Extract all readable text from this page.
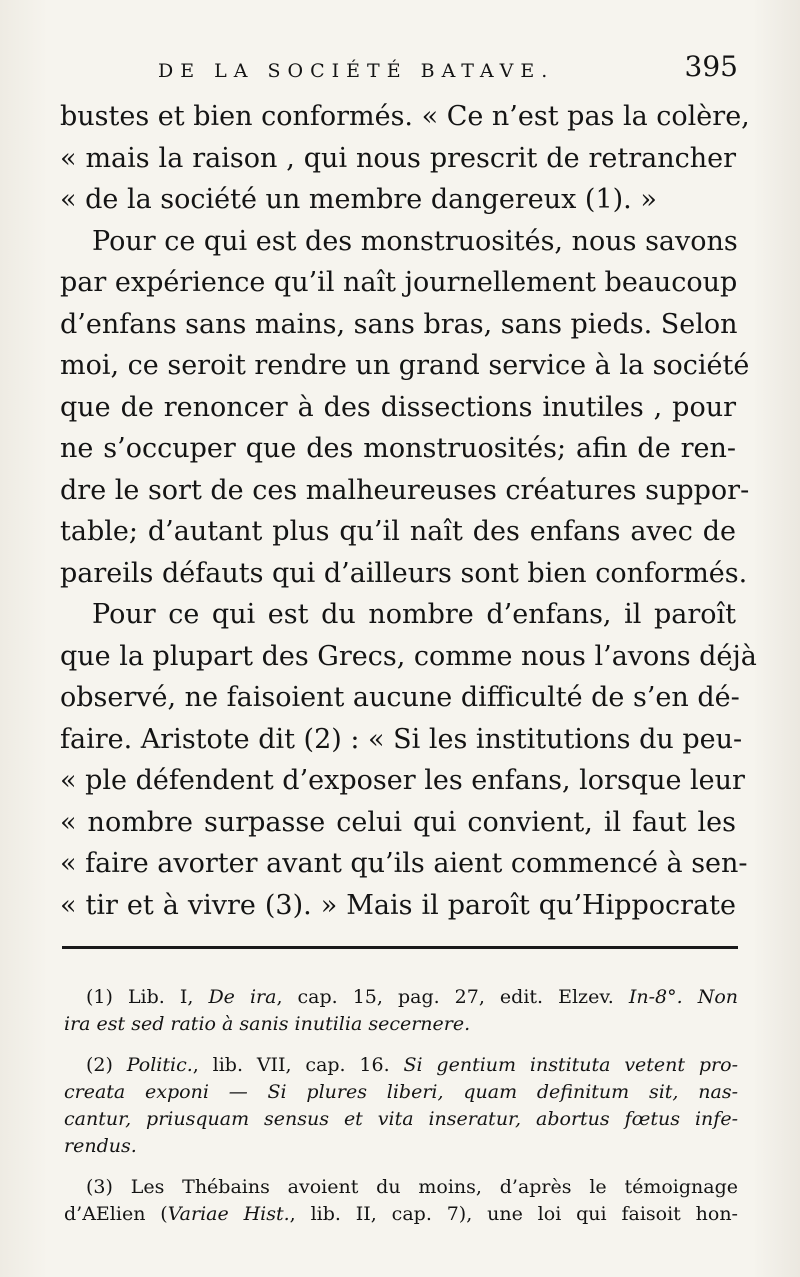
DE LA SOCIÉTÉ BATAVE.	395
bustes et bien conformés. « Ce n’est pas la colère,
« mais la raison , qui nous prescrit de retrancher
« de la société un membre dangereux (1). »
Pour ce qui est des monstruosités, nous savons
par expérience qu’il naît journellement beaucoup
d’enfans sans mains, sans bras, sans pieds. Selon
moi, ce seroit rendre un grand service à la société
que de renoncer à des dissections inutiles , pour
ne s’occuper que des monstruosités; afin de ren-
dre le sort de ces malheureuses créatures suppor-
table; d’autant plus qu’il naît des enfans avec de
pareils défauts qui d’ailleurs sont bien conformés.
Pour ce qui est du nombre d’enfans, il paroît
que la plupart des Grecs, comme nous l’avons déjà
observé, ne faisoient aucune difficulté de s’en dé-
faire. Aristote dit (2) : « Si les institutions du peu-
« ple défendent d’exposer les enfans, lorsque leur
« nombre surpasse celui qui convient, il faut les
« faire avorter avant qu’ils aient commencé à sen-
« tir et à vivre (3). » Mais il paroît qu’Hippocrate
(1) Lib. I, De ira, cap. 15, pag. 27, edit. Elzev. In-8°. Non
ira est sed ratio à sanis inutilia secernere.
(2) Politic., lib. VII, cap. 16. Si gentium instituta vetent pro-
creata exponi — Si plures liberi, quam definitum sit, nas-
cantur, priusquam sensus et vita inseratur, abortus fœtus infe-
rendus.
(3) Les Thébains avoient du moins, d’après le témoignage
d’AElien (Variae Hist., lib. II, cap. 7), une loi qui faisoit hon-
